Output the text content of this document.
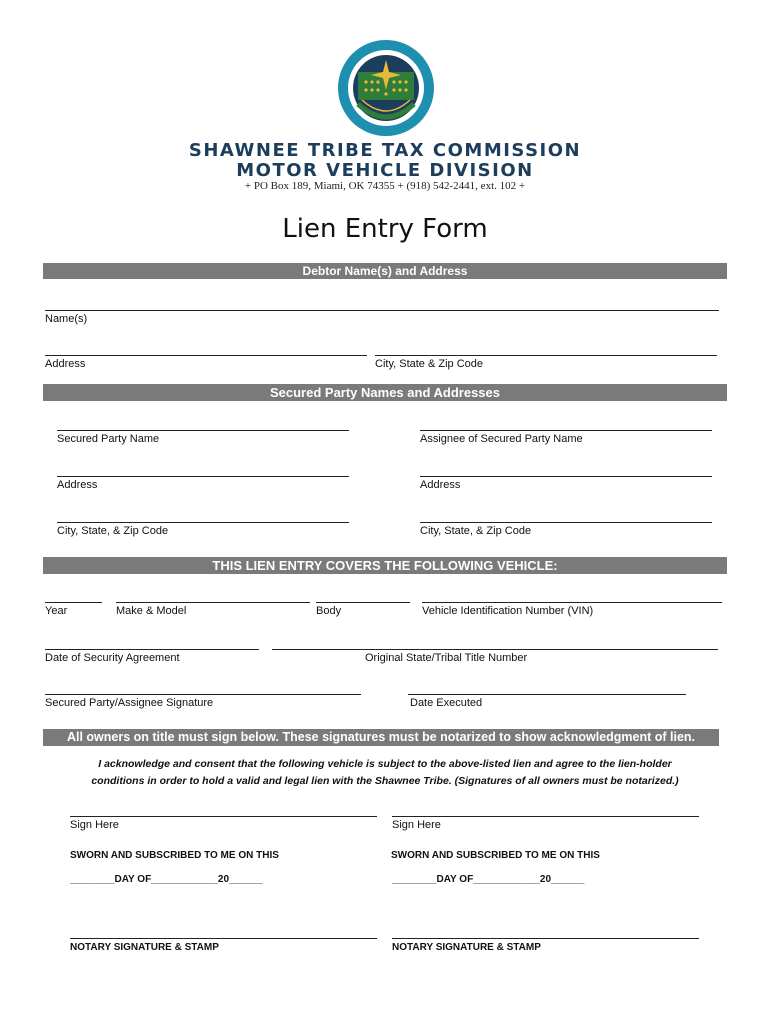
SHAWNEE TRIBE TAX COMMISSION
MOTOR VEHICLE DIVISION
+ PO Box 189, Miami, OK 74355 + (918) 542-2441, ext. 102 +
Lien Entry Form
Debtor Name(s) and Address
Name(s)
Address	City, State & Zip Code
Secured Party Names and Addresses
Secured Party Name	Assignee of Secured Party Name
Address	Address
City, State, & Zip Code	City, State, & Zip Code
THIS LIEN ENTRY COVERS THE FOLLOWING VEHICLE:
Year	Make & Model	Body	Vehicle Identification Number (VIN)
Date of Security Agreement	Original State/Tribal Title Number
Secured Party/Assignee Signature	Date Executed
All owners on title must sign below. These signatures must be notarized to show acknowledgment of lien.
I acknowledge and consent that the following vehicle is subject to the above-listed lien and agree to the lien-holder
conditions in order to hold a valid and legal lien with the Shawnee Tribe. (Signatures of all owners must be notarized.)
Sign Here	Sign Here
SWORN AND SUBSCRIBED TO ME ON THIS	SWORN AND SUBSCRIBED TO ME ON THIS
________DAY OF____________20______	________DAY OF____________20______
NOTARY SIGNATURE & STAMP	NOTARY SIGNATURE & STAMP
